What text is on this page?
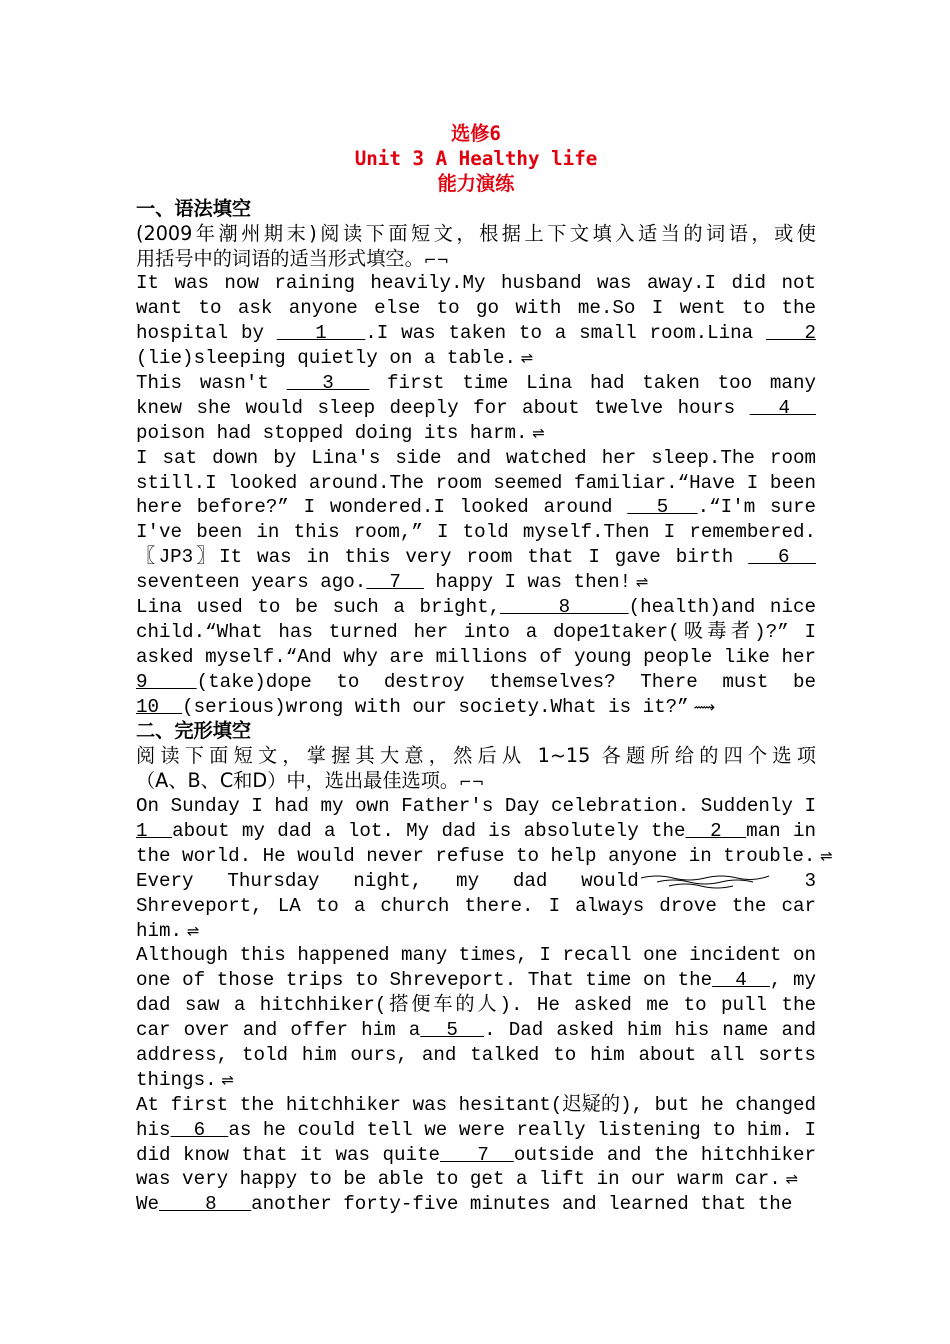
选修6
Unit 3 A Healthy life
能力演练
一、语法填空
(2009年潮州期末)阅读下面短文，根据上下文填入适当的词语，或使
用括号中的词语的适当形式填空。⌐¬
It was now raining heavily.My husband was away.I did not
want to ask anyone else to go with me.So I went to the
hospital by    1   .I was taken to a small room.Lina    2
(lie)sleeping quietly on a table. ⇌
This wasn't   3   first time Lina had taken too many
knew she would sleep deeply for about twelve hours   4
poison had stopped doing its harm. ⇌
I sat down by Lina's side and watched her sleep.The room
still.I looked around.The room seemed familiar.“Have I been
here before?” I wondered.I looked around   5  .“I'm sure
I've been in this room,” I told myself.Then I remembered.
〖JP3〗It was in this very room that I gave birth   6
seventeen years ago.  7   happy I was then! ⇌
Lina used to be such a bright,    8    (health)and nice
child.“What has turned her into a dope1taker(吸毒者)?” I
asked myself.“And why are millions of young people like her
9  (take)dope to destroy themselves? There must be
10  (serious)wrong with our society.What is it?” ⟿
二、完形填空
阅读下面短文，掌握其大意，然后从 1~15 各题所给的四个选项
（A、B、C和D）中，选出最佳选项。⌐¬
On Sunday I had my own Father's Day celebration. Suddenly I
1  about my dad a lot. My dad is absolutely the  2  man in
the world. He would never refuse to help anyone in trouble. ⇌
Every Thursday night, my dad would	3
Shreveport, LA to a church there. I always drove the car
him. ⇌
Although this happened many times, I recall one incident on
one of those trips to Shreveport. That time on the  4  , my
dad saw a hitchhiker(搭便车的人). He asked me to pull the
car over and offer him a  5  . Dad asked him his name and
address, told him ours, and talked to him about all sorts
things. ⇌
At first the hitchhiker was hesitant(迟疑的), but he changed
his  6  as he could tell we were really listening to him. I
did know that it was quite   7  outside and the hitchhiker
was very happy to be able to get a lift in our warm car. ⇌
We    8   another forty-five minutes and learned that the
